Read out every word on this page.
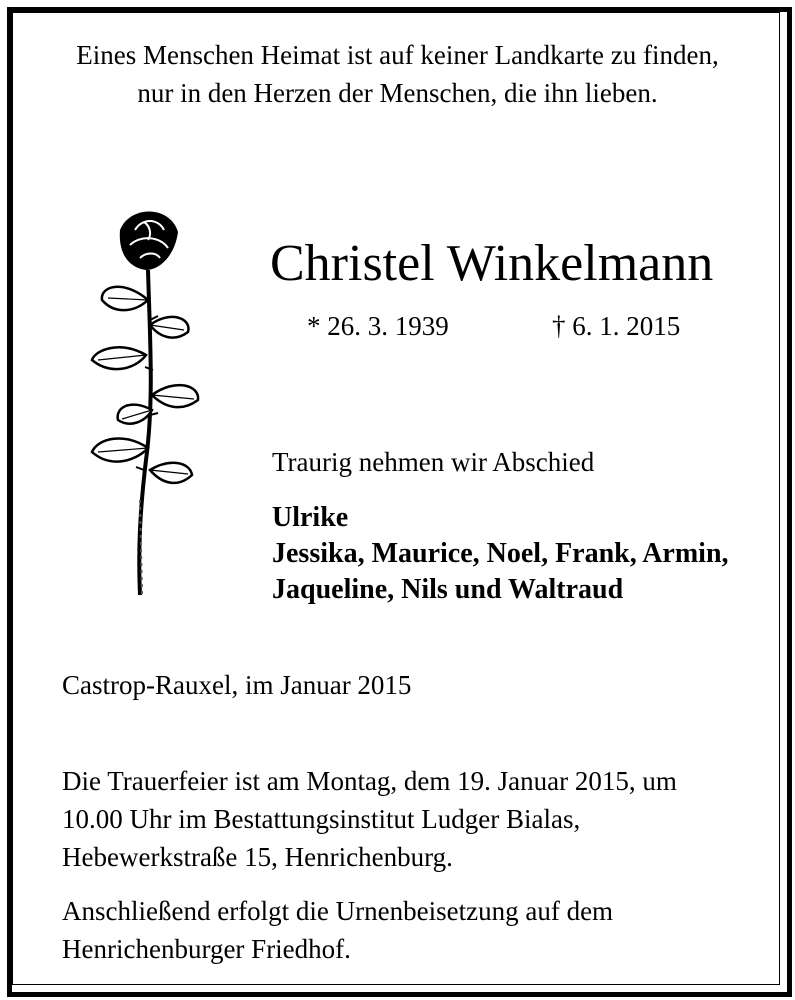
Eines Menschen Heimat ist auf keiner Landkarte zu finden,
nur in den Herzen der Menschen, die ihn lieben.
Christel Winkelmann
* 26. 3. 1939	† 6. 1. 2015
Traurig nehmen wir Abschied
Ulrike
Jessika, Maurice, Noel, Frank, Armin,
Jaqueline, Nils und Waltraud
Castrop-Rauxel, im Januar 2015
Die Trauerfeier ist am Montag, dem 19. Januar 2015, um
10.00 Uhr im Bestattungsinstitut Ludger Bialas,
Hebewerkstraße 15, Henrichenburg.
Anschließend erfolgt die Urnenbeisetzung auf dem
Henrichenburger Friedhof.
